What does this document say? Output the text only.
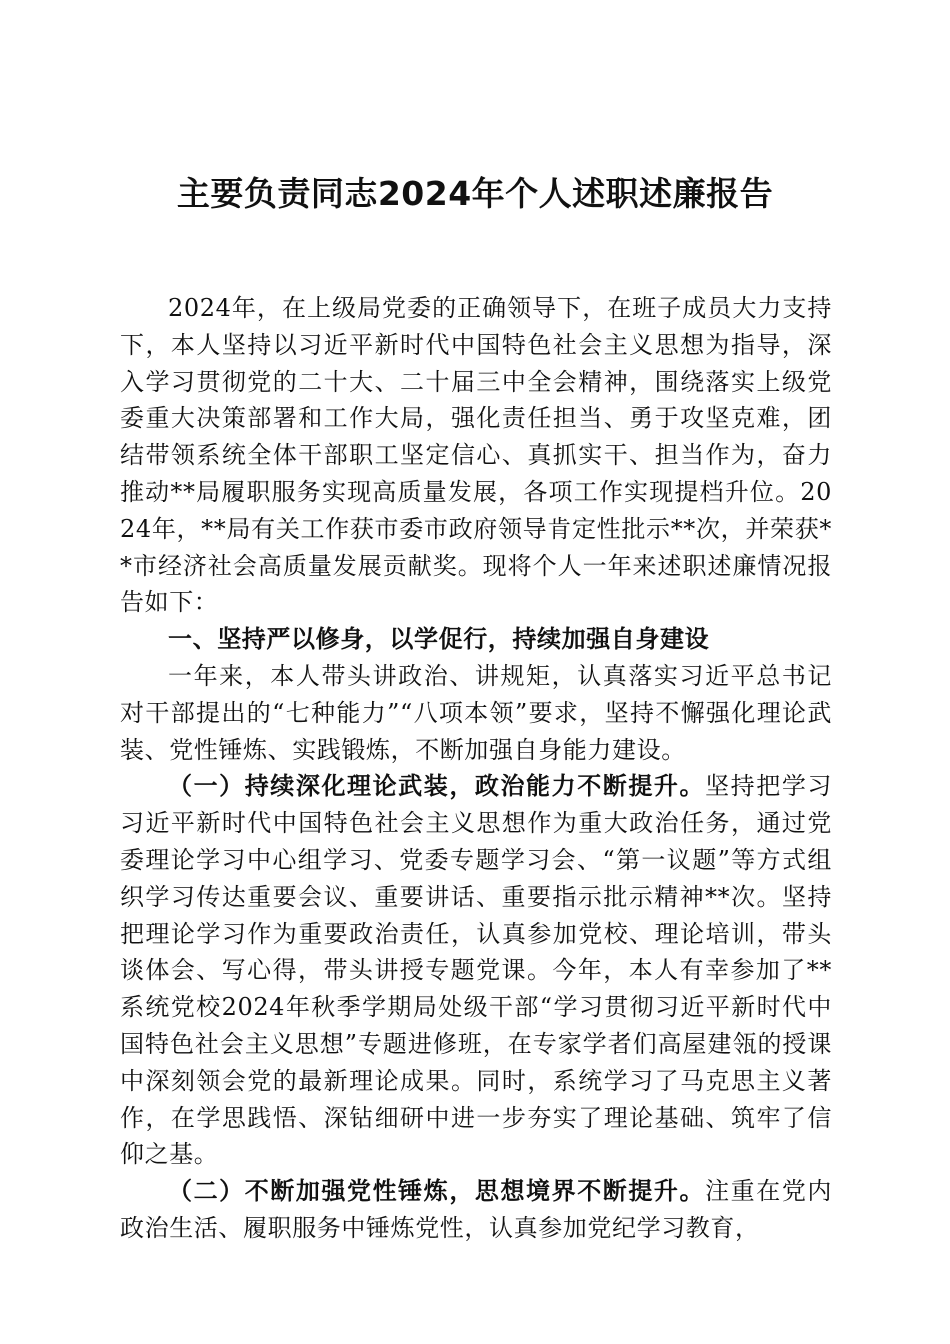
主要负责同志2024年个人述职述廉报告

2024年，在上级局党委的正确领导下，在班子成员大力支持下，本人坚持以习近平新时代中国特色社会主义思想为指导，深入学习贯彻党的二十大、二十届三中全会精神，围绕落实上级党委重大决策部署和工作大局，强化责任担当、勇于攻坚克难，团结带领系统全体干部职工坚定信心、真抓实干、担当作为，奋力推动**局履职服务实现高质量发展，各项工作实现提档升位。2024年，**局有关工作获市委市政府领导肯定性批示**次，并荣获**市经济社会高质量发展贡献奖。现将个人一年来述职述廉情况报告如下：

一、坚持严以修身，以学促行，持续加强自身建设

一年来，本人带头讲政治、讲规矩，认真落实习近平总书记对干部提出的“七种能力”“八项本领”要求，坚持不懈强化理论武装、党性锤炼、实践锻炼，不断加强自身能力建设。

（一）持续深化理论武装，政治能力不断提升。坚持把学习习近平新时代中国特色社会主义思想作为重大政治任务，通过党委理论学习中心组学习、党委专题学习会、“第一议题”等方式组织学习传达重要会议、重要讲话、重要指示批示精神**次。坚持把理论学习作为重要政治责任，认真参加党校、理论培训，带头谈体会、写心得，带头讲授专题党课。今年，本人有幸参加了**系统党校2024年秋季学期局处级干部“学习贯彻习近平新时代中国特色社会主义思想”专题进修班，在专家学者们高屋建瓴的授课中深刻领会党的最新理论成果。同时，系统学习了马克思主义著作，在学思践悟、深钻细研中进一步夯实了理论基础、筑牢了信仰之基。

（二）不断加强党性锤炼，思想境界不断提升。注重在党内政治生活、履职服务中锤炼党性，认真参加党纪学习教育，
